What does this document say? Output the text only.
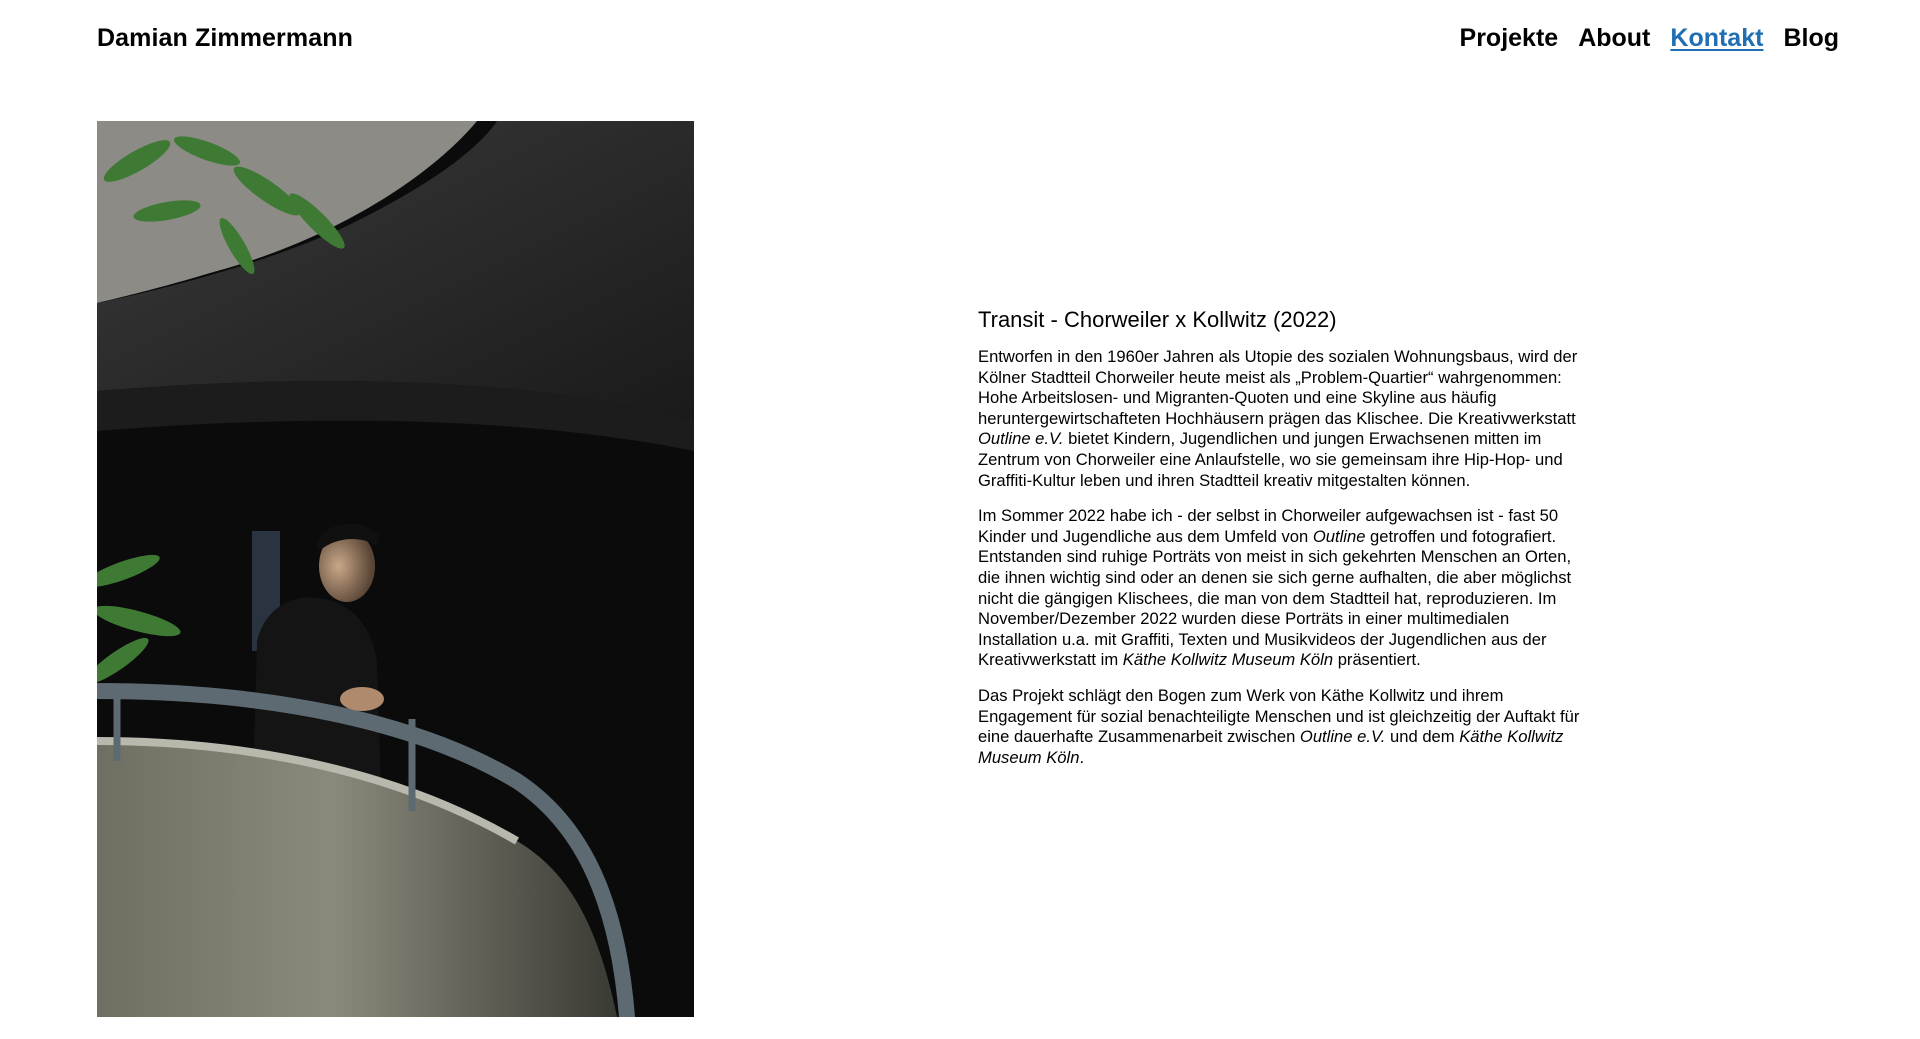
Damian Zimmermann	Projekte About Kontakt Blog
Transit - Chorweiler x Kollwitz (2022)

Entworfen in den 1960er Jahren als Utopie des sozialen Wohnungsbaus, wird der Kölner Stadtteil Chorweiler heute meist als „Problem-Quartier“ wahrgenommen: Hohe Arbeitslosen- und Migranten-Quoten und eine Skyline aus häufig heruntergewirtschafteten Hochhäusern prägen das Klischee. Die Kreativwerkstatt Outline e.V. bietet Kindern, Jugendlichen und jungen Erwachsenen mitten im Zentrum von Chorweiler eine Anlaufstelle, wo sie gemeinsam ihre Hip-Hop- und Graffiti-Kultur leben und ihren Stadtteil kreativ mitgestalten können.

Im Sommer 2022 habe ich - der selbst in Chorweiler aufgewachsen ist - fast 50 Kinder und Jugendliche aus dem Umfeld von Outline getroffen und fotografiert. Entstanden sind ruhige Porträts von meist in sich gekehrten Menschen an Orten, die ihnen wichtig sind oder an denen sie sich gerne aufhalten, die aber möglichst nicht die gängigen Klischees, die man von dem Stadtteil hat, reproduzieren. Im November/Dezember 2022 wurden diese Porträts in einer multimedialen Installation u.a. mit Graffiti, Texten und Musikvideos der Jugendlichen aus der Kreativwerkstatt im Käthe Kollwitz Museum Köln präsentiert.

Das Projekt schlägt den Bogen zum Werk von Käthe Kollwitz und ihrem Engagement für sozial benachteiligte Menschen und ist gleichzeitig der Auftakt für eine dauerhafte Zusammenarbeit zwischen Outline e.V. und dem Käthe Kollwitz Museum Köln.
